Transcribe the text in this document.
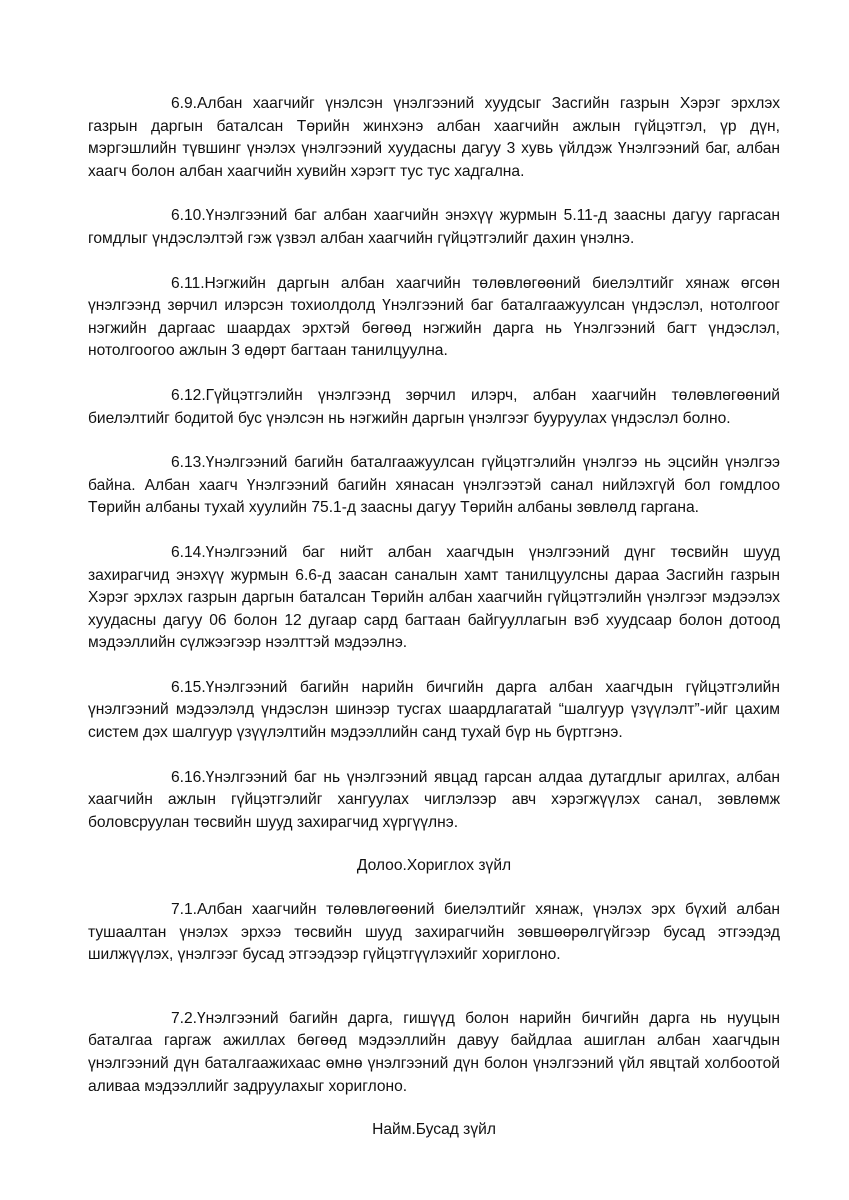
6.9.Албан хаагчийг үнэлсэн үнэлгээний хуудсыг Засгийн газрын Хэрэг эрхлэх газрын даргын баталсан Төрийн жинхэнэ албан хаагчийн ажлын гүйцэтгэл, үр дүн, мэргэшлийн түвшинг үнэлэх үнэлгээний хуудасны дагуу 3 хувь үйлдэж Үнэлгээний баг, албан хаагч болон албан хаагчийн хувийн хэрэгт тус тус хадгална.

6.10.Үнэлгээний баг албан хаагчийн энэхүү журмын 5.11-д заасны дагуу гаргасан гомдлыг үндэслэлтэй гэж үзвэл албан хаагчийн гүйцэтгэлийг дахин үнэлнэ.

6.11.Нэгжийн даргын албан хаагчийн төлөвлөгөөний биелэлтийг хянаж өгсөн үнэлгээнд зөрчил илэрсэн тохиолдолд Үнэлгээний баг баталгаажуулсан үндэслэл, нотолгоог нэгжийн даргаас шаардах эрхтэй бөгөөд нэгжийн дарга нь Үнэлгээний багт үндэслэл, нотолгоогоо ажлын 3 өдөрт багтаан танилцуулна.

6.12.Гүйцэтгэлийн үнэлгээнд зөрчил илэрч, албан хаагчийн төлөвлөгөөний биелэлтийг бодитой бус үнэлсэн нь нэгжийн даргын үнэлгээг бууруулах үндэслэл болно.

6.13.Үнэлгээний багийн баталгаажуулсан гүйцэтгэлийн үнэлгээ нь эцсийн үнэлгээ байна. Албан хаагч Үнэлгээний багийн хянасан үнэлгээтэй санал нийлэхгүй бол гомдлоо Төрийн албаны тухай хуулийн 75.1-д заасны дагуу Төрийн албаны зөвлөлд гаргана.

6.14.Үнэлгээний баг нийт албан хаагчдын үнэлгээний дүнг төсвийн шууд захирагчид энэхүү журмын 6.6-д заасан саналын хамт танилцуулсны дараа Засгийн газрын Хэрэг эрхлэх газрын даргын баталсан Төрийн албан хаагчийн гүйцэтгэлийн үнэлгээг мэдээлэх хуудасны дагуу 06 болон 12 дугаар сард багтаан байгууллагын вэб хуудсаар болон дотоод мэдээллийн сүлжээгээр нээлттэй мэдээлнэ.

6.15.Үнэлгээний багийн нарийн бичгийн дарга албан хаагчдын гүйцэтгэлийн үнэлгээний мэдээлэлд үндэслэн шинээр тусгах шаардлагатай “шалгуур үзүүлэлт”-ийг цахим систем дэх шалгуур үзүүлэлтийн мэдээллийн санд тухай бүр нь бүртгэнэ.

6.16.Үнэлгээний баг нь үнэлгээний явцад гарсан алдаа дутагдлыг арилгах, албан хаагчийн ажлын гүйцэтгэлийг хангуулах чиглэлээр авч хэрэгжүүлэх санал, зөвлөмж боловсруулан төсвийн шууд захирагчид хүргүүлнэ.

Долоо.Хориглох зүйл

7.1.Албан хаагчийн төлөвлөгөөний биелэлтийг хянаж, үнэлэх эрх бүхий албан тушаалтан үнэлэх эрхээ төсвийн шууд захирагчийн зөвшөөрөлгүйгээр бусад этгээдэд шилжүүлэх, үнэлгээг бусад этгээдээр гүйцэтгүүлэхийг хориглоно.

7.2.Үнэлгээний багийн дарга, гишүүд болон нарийн бичгийн дарга нь нууцын баталгаа гаргаж ажиллах бөгөөд мэдээллийн давуу байдлаа ашиглан албан хаагчдын үнэлгээний дүн баталгаажихаас өмнө үнэлгээний дүн болон үнэлгээний үйл явцтай холбоотой аливаа мэдээллийг задруулахыг хориглоно.

Найм.Бусад зүйл
